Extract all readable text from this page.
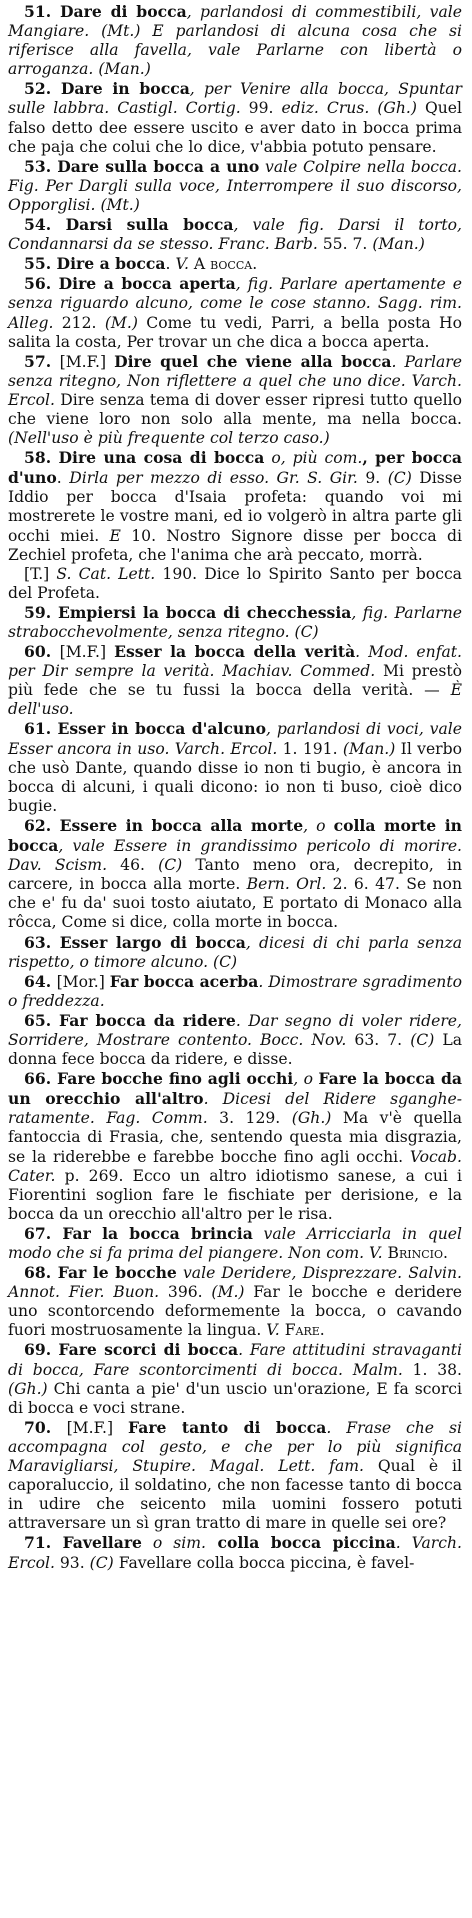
51. Dare di bocca, parlandosi di commestibili, vale Mangiare. (Mt.) E parlandosi di alcuna cosa che si riferisce alla favella, vale Parlarne con libertà o arroganza. (Man.)

52. Dare in bocca, per Venire alla bocca, Spuntar sulle labbra. Castigl. Cortig. 99. ediz. Crus. (Gh.) Quel falso detto dee essere uscito e aver dato in bocca prima che paja che colui che lo dice, v'abbia potuto pensare.

53. Dare sulla bocca a uno vale Colpire nella bocca. Fig. Per Dargli sulla voce, Interrompere il suo discorso, Opporglisi. (Mt.)

54. Darsi sulla bocca, vale fig. Darsi il torto, Condannarsi da se stesso. Franc. Barb. 55. 7. (Man.)

55. Dire a bocca. V. A bocca.

56. Dire a bocca aperta, fig. Parlare apertamente e senza riguardo alcuno, come le cose stanno. Sagg. rim. Alleg. 212. (M.) Come tu vedi, Parri, a bella posta Ho salita la costa, Per trovar un che dica a bocca aperta.

57. [M.F.] Dire quel che viene alla bocca. Parlare senza ritegno, Non riflettere a quel che uno dice. Varch. Ercol. Dire senza tema di dover esser ripresi tutto quello che viene loro non solo alla mente, ma nella bocca. (Nell'uso è più frequente col terzo caso.)

58. Dire una cosa di bocca o, più com., per bocca d'uno. Dirla per mezzo di esso. Gr. S. Gir. 9. (C) Disse Iddio per bocca d'Isaia profeta: quando voi mi mostrerete le vostre mani, ed io volgerò in altra parte gli occhi miei. E 10. Nostro Signore disse per bocca di Zechiel profeta, che l'anima che arà peccato, morrà.

[T.] S. Cat. Lett. 190. Dice lo Spirito Santo per bocca del Profeta.

59. Empiersi la bocca di checchessia, fig. Parlarne strabocchevolmente, senza ritegno. (C)

60. [M.F.] Esser la bocca della verità. Mod. enfat. per Dir sempre la verità. Machiav. Commed. Mi prestò più fede che se tu fussi la bocca della verità. — È dell'uso.

61. Esser in bocca d'alcuno, parlandosi di voci, vale Esser ancora in uso. Varch. Ercol. 1. 191. (Man.) Il verbo che usò Dante, quando disse io non ti bugio, è ancora in bocca di alcuni, i quali dicono: io non ti buso, cioè dico bugie.

62. Essere in bocca alla morte, o colla morte in bocca, vale Essere in grandissimo pericolo di morire. Dav. Scism. 46. (C) Tanto meno ora, decrepito, in carcere, in bocca alla morte. Bern. Orl. 2. 6. 47. Se non che e' fu da' suoi tosto aiutato, E portato di Monaco alla rôcca, Come si dice, colla morte in bocca.

63. Esser largo di bocca, dicesi di chi parla senza rispetto, o timore alcuno. (C)

64. [Mor.] Far bocca acerba. Dimostrare sgradimento o freddezza.

65. Far bocca da ridere. Dar segno di voler ridere, Sorridere, Mostrare contento. Bocc. Nov. 63. 7. (C) La donna fece bocca da ridere, e disse.

66. Fare bocche fino agli occhi, o Fare la bocca da un orecchio all'altro. Dicesi del Ridere sgangheratamente. Fag. Comm. 3. 129. (Gh.) Ma v'è quella fantoccia di Frasia, che, sentendo questa mia disgrazia, se la riderebbe e farebbe bocche fino agli occhi. Vocab. Cater. p. 269. Ecco un altro idiotismo sanese, a cui i Fiorentini soglion fare le fischiate per derisione, e la bocca da un orecchio all'altro per le risa.

67. Far la bocca brincia vale Arricciarla in quel modo che si fa prima del piangere. Non com. V. Brincio.

68. Far le bocche vale Deridere, Disprezzare. Salvin. Annot. Fier. Buon. 396. (M.) Far le bocche e deridere uno scontorcendo deformemente la bocca, o cavando fuori mostruosamente la lingua. V. Fare.

69. Fare scorci di bocca. Fare attitudini stravaganti di bocca, Fare scontorcimenti di bocca. Malm. 1. 38. (Gh.) Chi canta a pie' d'un uscio un'orazione, E fa scorci di bocca e voci strane.

70. [M.F.] Fare tanto di bocca. Frase che si accompagna col gesto, e che per lo più significa Maravigliarsi, Stupire. Magal. Lett. fam. Qual è il caporaluccio, il soldatino, che non facesse tanto di bocca in udire che seicento mila uomini fossero potuti attraversare un sì gran tratto di mare in quelle sei ore?

71. Favellare o sim. colla bocca piccina. Varch. Ercol. 93. (C) Favellare colla bocca piccina, è favel-
